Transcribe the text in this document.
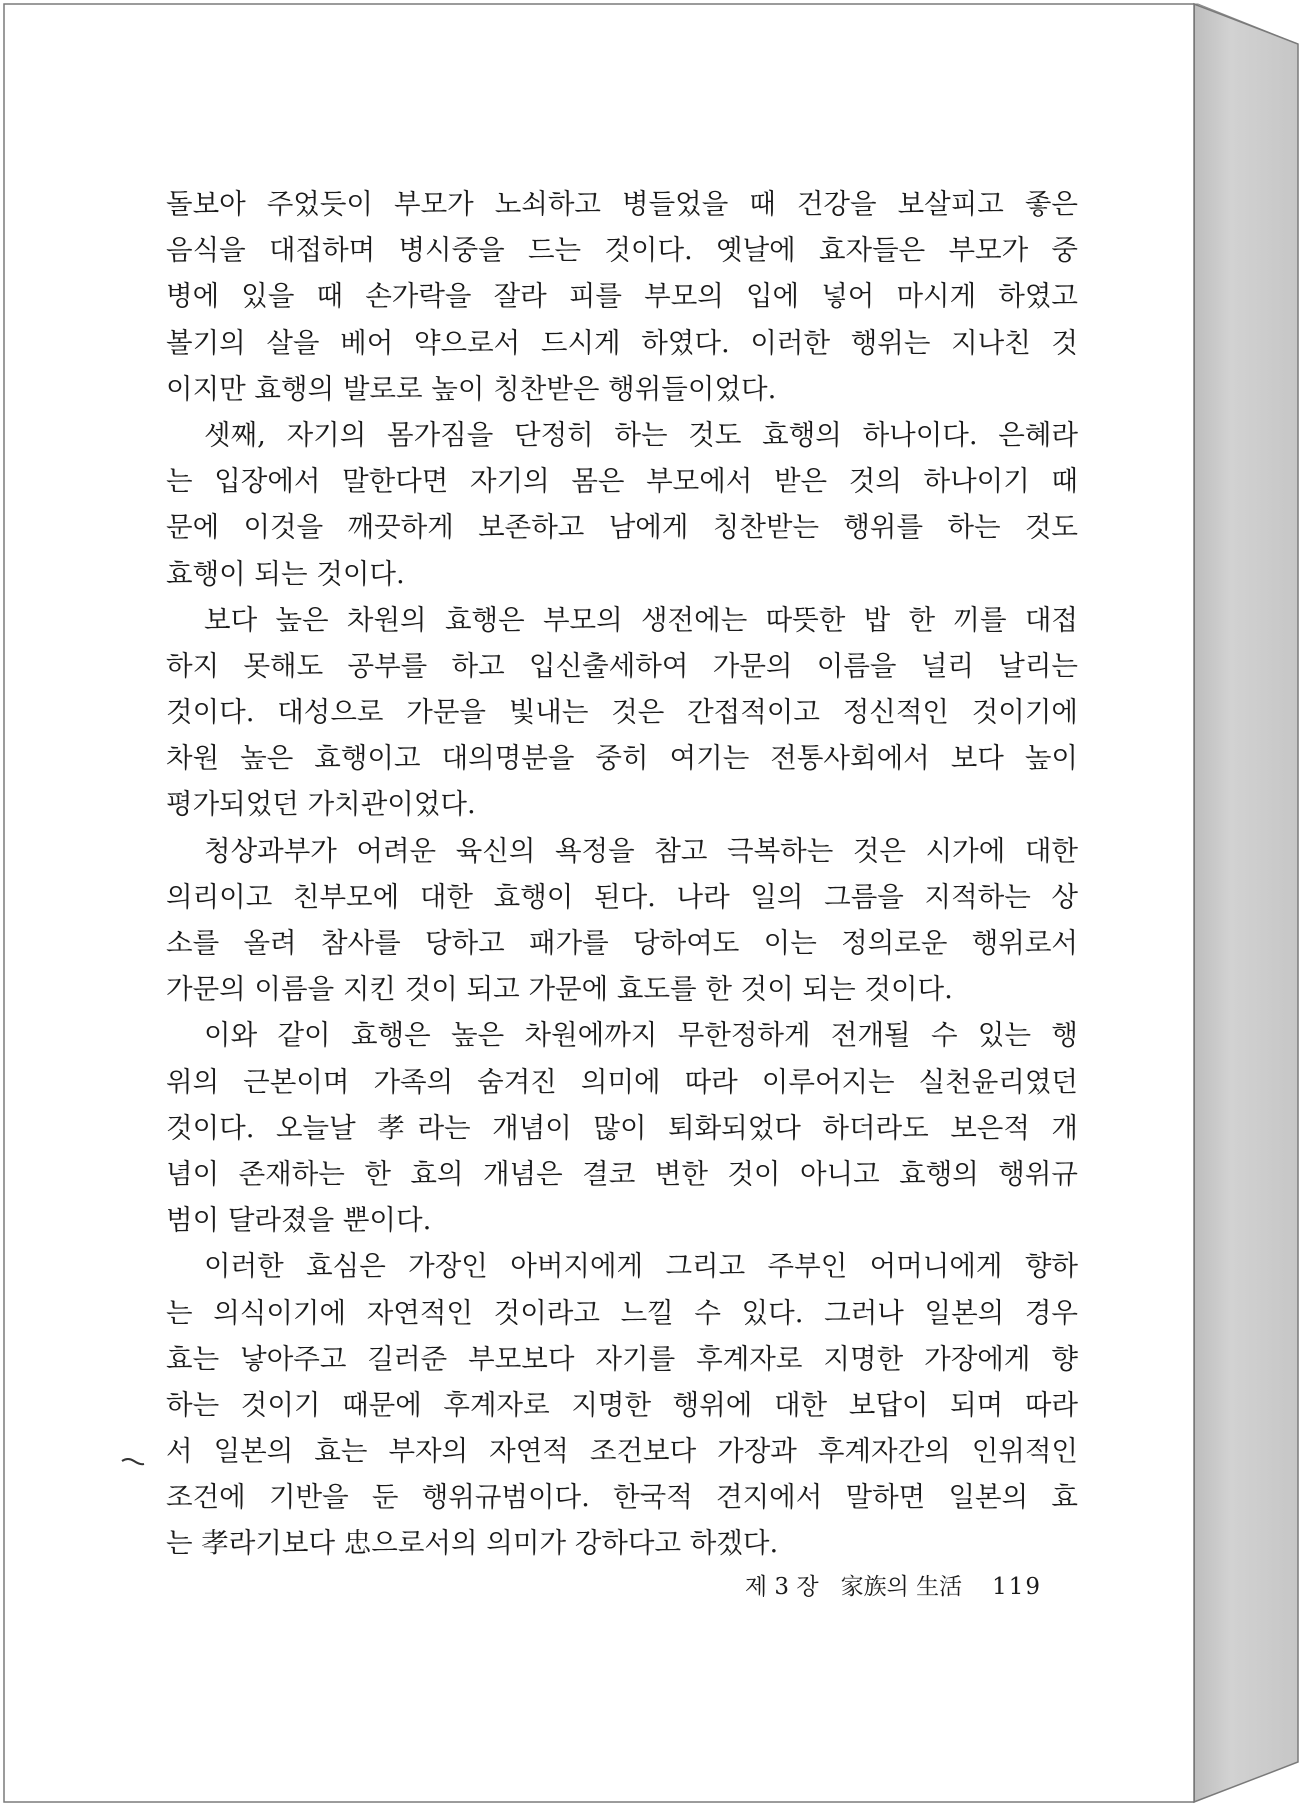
돌보아 주었듯이 부모가 노쇠하고 병들었을 때 건강을 보살피고 좋은
음식을 대접하며 병시중을 드는 것이다. 옛날에 효자들은 부모가 중
병에 있을 때 손가락을 잘라 피를 부모의 입에 넣어 마시게 하였고
볼기의 살을 베어 약으로서 드시게 하였다. 이러한 행위는 지나친 것
이지만 효행의 발로로 높이 칭찬받은 행위들이었다.
셋째, 자기의 몸가짐을 단정히 하는 것도 효행의 하나이다. 은혜라
는 입장에서 말한다면 자기의 몸은 부모에서 받은 것의 하나이기 때
문에 이것을 깨끗하게 보존하고 남에게 칭찬받는 행위를 하는 것도
효행이 되는 것이다.
보다 높은 차원의 효행은 부모의 생전에는 따뜻한 밥 한 끼를 대접
하지 못해도 공부를 하고 입신출세하여 가문의 이름을 널리 날리는
것이다. 대성으로 가문을 빛내는 것은 간접적이고 정신적인 것이기에
차원 높은 효행이고 대의명분을 중히 여기는 전통사회에서 보다 높이
평가되었던 가치관이었다.
청상과부가 어려운 육신의 욕정을 참고 극복하는 것은 시가에 대한
의리이고 친부모에 대한 효행이 된다. 나라 일의 그름을 지적하는 상
소를 올려 참사를 당하고 패가를 당하여도 이는 정의로운 행위로서
가문의 이름을 지킨 것이 되고 가문에 효도를 한 것이 되는 것이다.
이와 같이 효행은 높은 차원에까지 무한정하게 전개될 수 있는 행
위의 근본이며 가족의 숨겨진 의미에 따라 이루어지는 실천윤리였던
것이다. 오늘날 孝라는 개념이 많이 퇴화되었다 하더라도 보은적 개
념이 존재하는 한 효의 개념은 결코 변한 것이 아니고 효행의 행위규
범이 달라졌을 뿐이다.
이러한 효심은 가장인 아버지에게 그리고 주부인 어머니에게 향하
는 의식이기에 자연적인 것이라고 느낄 수 있다. 그러나 일본의 경우
효는 낳아주고 길러준 부모보다 자기를 후계자로 지명한 가장에게 향
하는 것이기 때문에 후계자로 지명한 행위에 대한 보답이 되며 따라
서 일본의 효는 부자의 자연적 조건보다 가장과 후계자간의 인위적인
조건에 기반을 둔 행위규범이다. 한국적 견지에서 말하면 일본의 효
는 孝라기보다 忠으로서의 의미가 강하다고 하겠다.
제 3 장 家族의 生活 119
